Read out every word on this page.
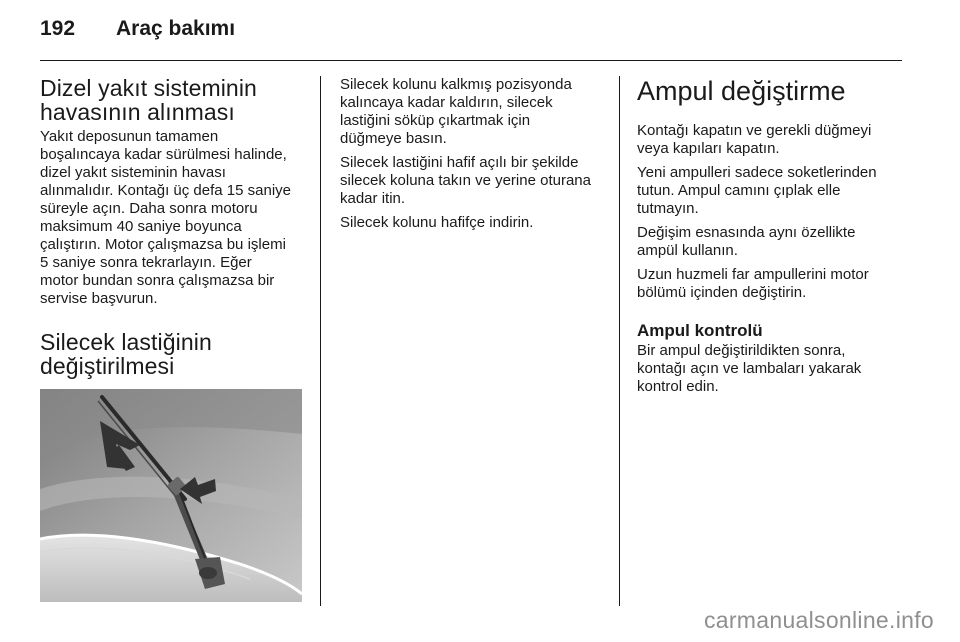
192 Araç bakımı
Dizel yakıt sisteminin
havasının alınması

Yakıt deposunun tamamen
boşalıncaya kadar sürülmesi halinde,
dizel yakıt sisteminin havası
alınmalıdır. Kontağı üç defa 15 saniye
süreyle açın. Daha sonra motoru
maksimum 40 saniye boyunca
çalıştırın. Motor çalışmazsa bu işlemi
5 saniye sonra tekrarlayın. Eğer
motor bundan sonra çalışmazsa bir
servise başvurun.

Silecek lastiğinin
değiştirilmesi

Silecek kolunu kalkmış pozisyonda
kalıncaya kadar kaldırın, silecek
lastiğini söküp çıkartmak için
düğmeye basın.

Silecek lastiğini hafif açılı bir şekilde
silecek koluna takın ve yerine oturana
kadar itin.

Silecek kolunu hafifçe indirin.

Ampul değiştirme

Kontağı kapatın ve gerekli düğmeyi
veya kapıları kapatın.

Yeni ampulleri sadece soketlerinden
tutun. Ampul camını çıplak elle
tutmayın.

Değişim esnasında aynı özellikte
ampül kullanın.

Uzun huzmeli far ampullerini motor
bölümü içinden değiştirin.

Ampul kontrolü

Bir ampul değiştirildikten sonra,
kontağı açın ve lambaları yakarak
kontrol edin.

carmanualsonline.info
